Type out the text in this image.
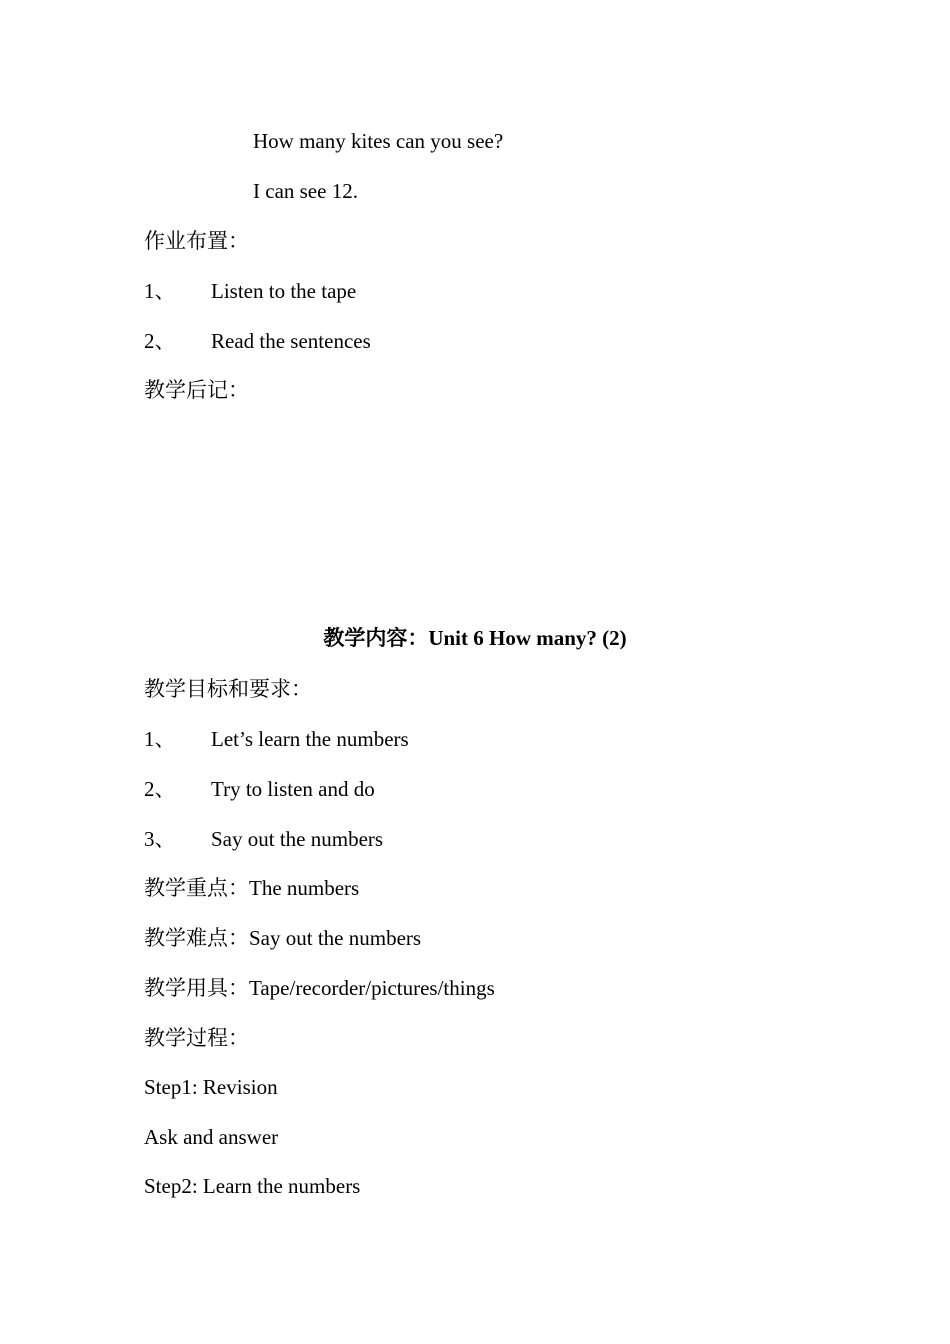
How many kites can you see?
I can see 12.
作业布置：
1、 Listen to the tape
2、 Read the sentences
教学后记：
教学内容：Unit 6 How many? (2)
教学目标和要求：
1、 Let’s learn the numbers
2、 Try to listen and do
3、 Say out the numbers
教学重点：The numbers
教学难点：Say out the numbers
教学用具：Tape/recorder/pictures/things
教学过程：
Step1: Revision
Ask and answer
Step2: Learn the numbers
